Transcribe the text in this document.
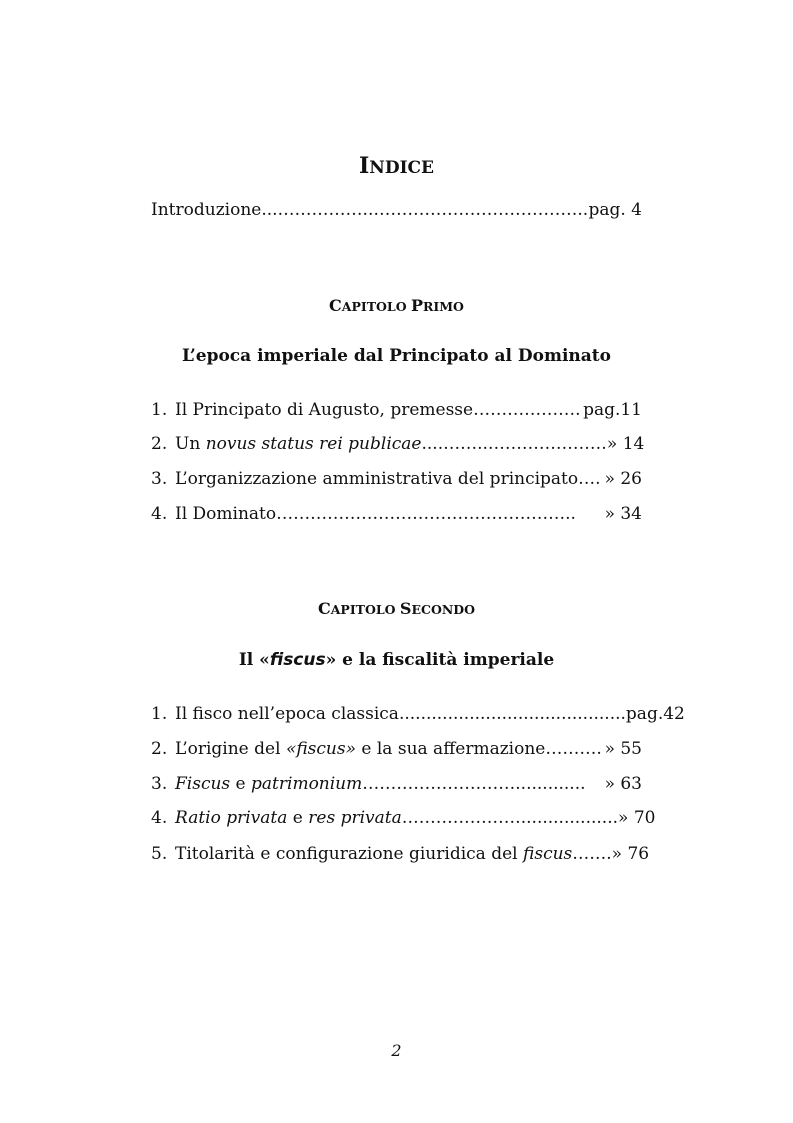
INDICE
Introduzione ...……………..……………………………….. pag. 4
CAPITOLO PRIMO
L’epoca imperiale dal Principato al Dominato
1. Il Principato di Augusto, premesse ………………. pag.11
2. Un novus status rei publicae ....……..………………… » 14
3. L’organizzazione amministrativa del principato …. » 26
4. Il Dominato ……………………………………………..	» 34
CAPITOLO SECONDO
Il «fiscus» e la fiscalità imperiale
1. Il fisco nell’epoca classica .......................................... pag.42
2. L’origine del «fiscus» e la sua affermazione ………. » 55
3. Fiscus e patrimonium ……………………….............	» 63
4. Ratio privata e res privata ………………….................. » 70
5. Titolarità e configurazione giuridica del fiscus ……. » 76
2
